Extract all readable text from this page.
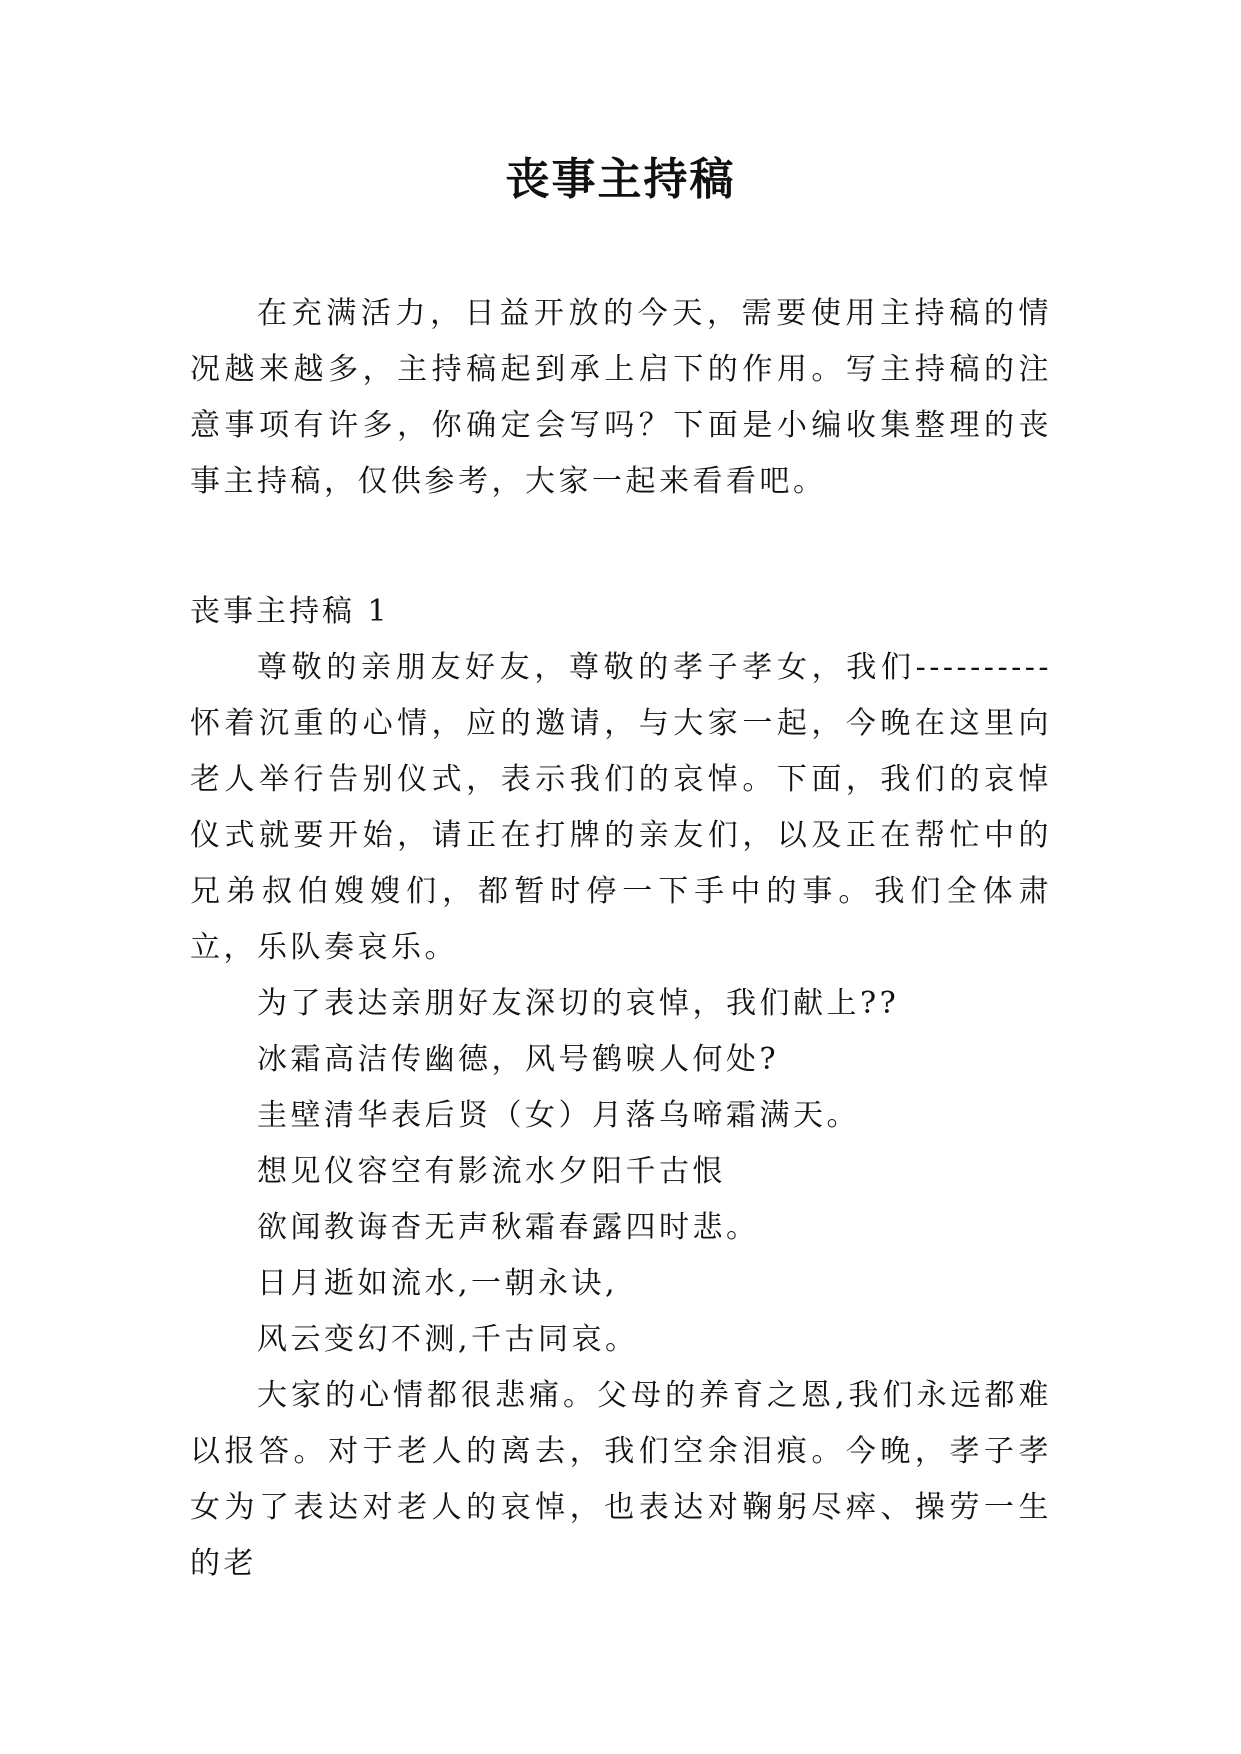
丧事主持稿

在充满活力，日益开放的今天，需要使用主持稿的情况越来越多，主持稿起到承上启下的作用。写主持稿的注意事项有许多，你确定会写吗？下面是小编收集整理的丧事主持稿，仅供参考，大家一起来看看吧。

丧事主持稿 1

尊敬的亲朋友好友，尊敬的孝子孝女，我们----------怀着沉重的心情，应的邀请，与大家一起，今晚在这里向老人举行告别仪式，表示我们的哀悼。下面，我们的哀悼仪式就要开始，请正在打牌的亲友们，以及正在帮忙中的兄弟叔伯嫂嫂们，都暂时停一下手中的事。我们全体肃立，乐队奏哀乐。

为了表达亲朋好友深切的哀悼，我们献上??

冰霜高洁传幽德，风号鹤唳人何处?

圭壁清华表后贤（女）月落乌啼霜满天。

想见仪容空有影流水夕阳千古恨

欲闻教诲杳无声秋霜春露四时悲。

日月逝如流水,一朝永诀,

风云变幻不测,千古同哀。

大家的心情都很悲痛。父母的养育之恩,我们永远都难以报答。对于老人的离去，我们空余泪痕。今晚，孝子孝女为了表达对老人的哀悼，也表达对鞠躬尽瘁、操劳一生的老
